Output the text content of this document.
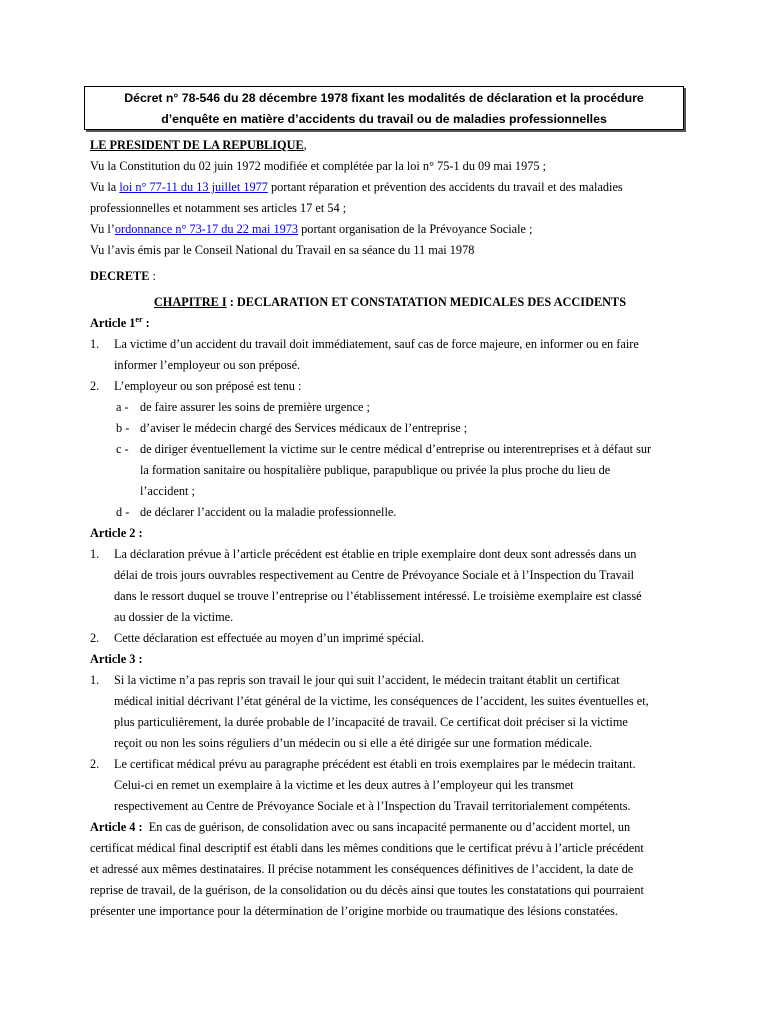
Décret n° 78-546 du 28 décembre 1978 fixant les modalités de déclaration et la procédure
d’enquête en matière d’accidents du travail ou de maladies professionnelles
LE PRESIDENT DE LA REPUBLIQUE,
Vu la Constitution du 02 juin 1972 modifiée et complétée par la loi n° 75-1 du 09 mai 1975 ;
Vu la loi n° 77-11 du 13 juillet 1977 portant réparation et prévention des accidents du travail et des maladies
professionnelles et notamment ses articles 17 et 54 ;
Vu l’ordonnance n° 73-17 du 22 mai 1973 portant organisation de la Prévoyance Sociale ;
Vu l’avis émis par le Conseil National du Travail en sa séance du 11 mai 1978
DECRETE :
CHAPITRE I : DECLARATION ET CONSTATATION MEDICALES DES ACCIDENTS
Article 1er :
1. La victime d’un accident du travail doit immédiatement, sauf cas de force majeure, en informer ou en faire
informer l’employeur ou son préposé.
2. L’employeur ou son préposé est tenu :
a - de faire assurer les soins de première urgence ;
b - d’aviser le médecin chargé des Services médicaux de l’entreprise ;
c - de diriger éventuellement la victime sur le centre médical d’entreprise ou interentreprises et à défaut sur
la formation sanitaire ou hospitalière publique, parapublique ou privée la plus proche du lieu de
l’accident ;
d - de déclarer l’accident ou la maladie professionnelle.
Article 2 :
1. La déclaration prévue à l’article précédent est établie en triple exemplaire dont deux sont adressés dans un
délai de trois jours ouvrables respectivement au Centre de Prévoyance Sociale et à l’Inspection du Travail
dans le ressort duquel se trouve l’entreprise ou l’établissement intéressé. Le troisième exemplaire est classé
au dossier de la victime.
2. Cette déclaration est effectuée au moyen d’un imprimé spécial.
Article 3 :
1. Si la victime n’a pas repris son travail le jour qui suit l’accident, le médecin traitant établit un certificat
médical initial décrivant l’état général de la victime, les conséquences de l’accident, les suites éventuelles et,
plus particulièrement, la durée probable de l’incapacité de travail. Ce certificat doit préciser si la victime
reçoit ou non les soins réguliers d’un médecin ou si elle a été dirigée sur une formation médicale.
2. Le certificat médical prévu au paragraphe précédent est établi en trois exemplaires par le médecin traitant.
Celui-ci en remet un exemplaire à la victime et les deux autres à l’employeur qui les transmet
respectivement au Centre de Prévoyance Sociale et à l’Inspection du Travail territorialement compétents.
Article 4 :  En cas de guérison, de consolidation avec ou sans incapacité permanente ou d’accident mortel, un
certificat médical final descriptif est établi dans les mêmes conditions que le certificat prévu à l’article précédent
et adressé aux mêmes destinataires. Il précise notamment les conséquences définitives de l’accident, la date de
reprise de travail, de la guérison, de la consolidation ou du décès ainsi que toutes les constatations qui pourraient
présenter une importance pour la détermination de l’origine morbide ou traumatique des lésions constatées.
